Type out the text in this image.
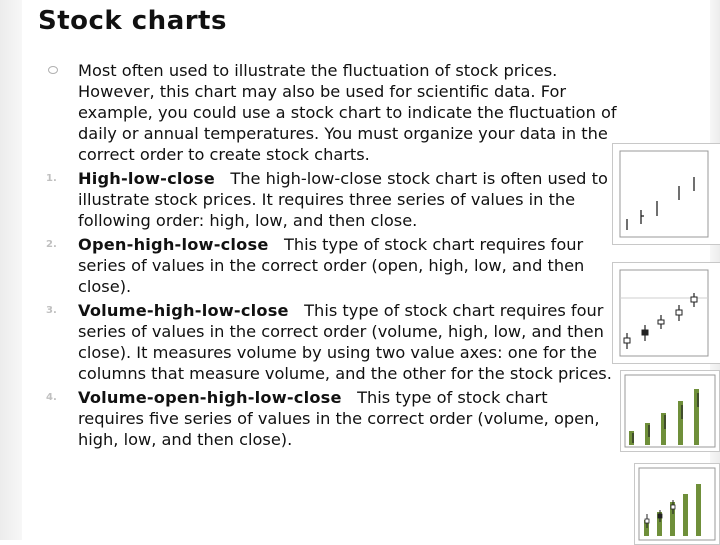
Stock charts
Most often used to illustrate the fluctuation of stock prices. However, this chart may also be used for scientific data. For example, you could use a stock chart to indicate the fluctuation of daily or annual temperatures. You must organize your data in the correct order to create stock charts.
1. High-low-close The high-low-close stock chart is often used to illustrate stock prices. It requires three series of values in the following order: high, low, and then close.
2. Open-high-low-close This type of stock chart requires four series of values in the correct order (open, high, low, and then close).
3. Volume-high-low-close This type of stock chart requires four series of values in the correct order (volume, high, low, and then close). It measures volume by using two value axes: one for the columns that measure volume, and the other for the stock prices.
4. Volume-open-high-low-close This type of stock chart requires five series of values in the correct order (volume, open, high, low, and then close).
